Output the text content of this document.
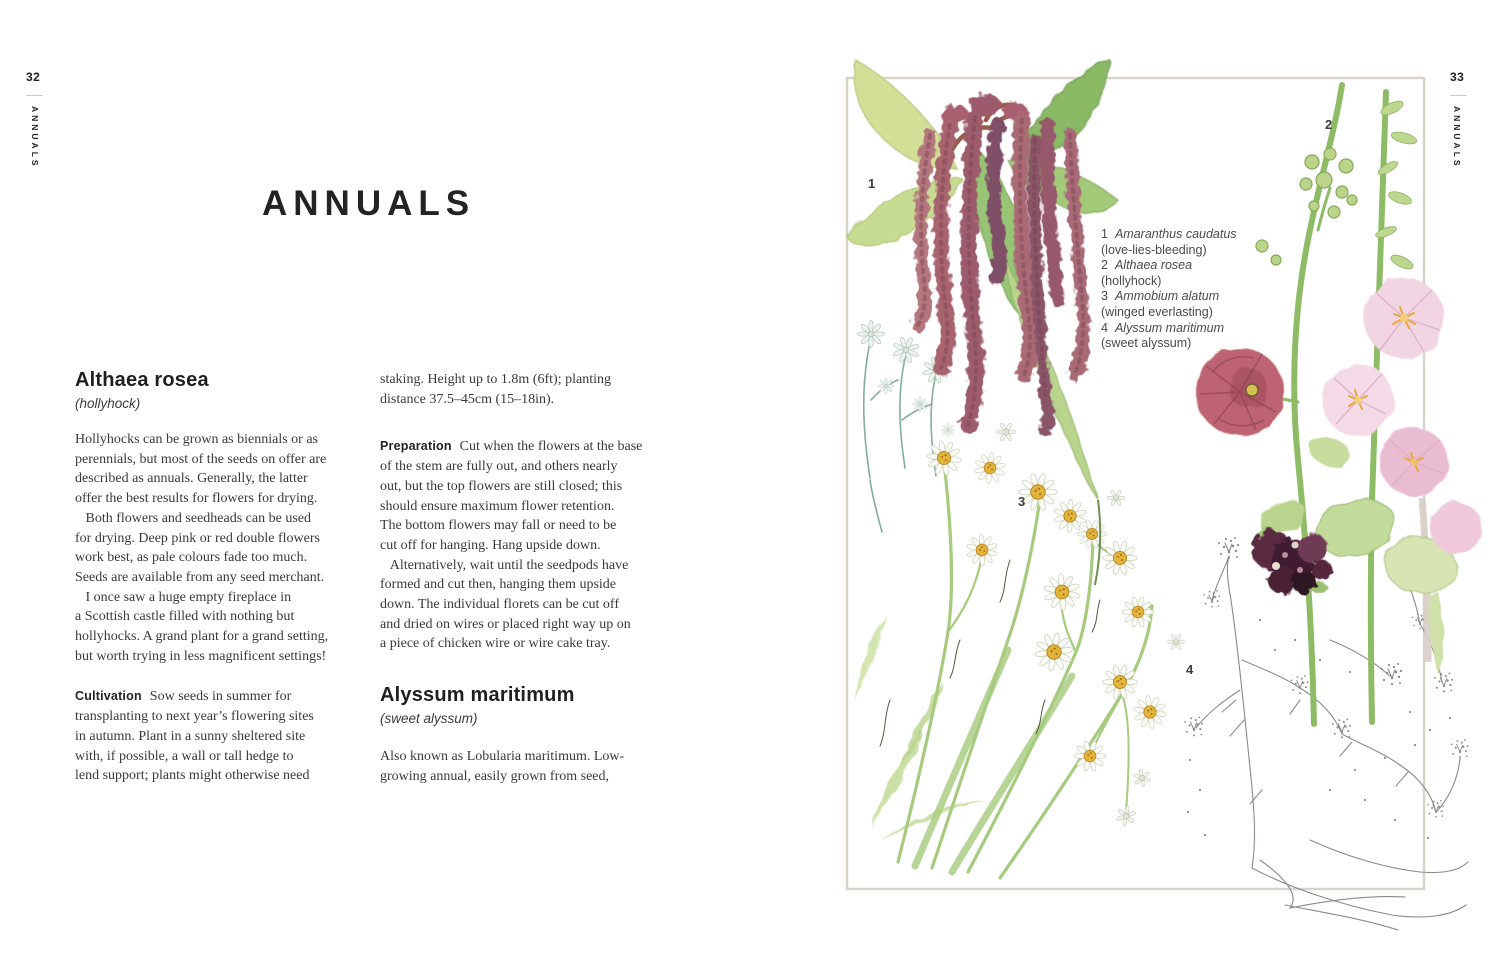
32
ANNUALS
ANNUALS
Althaea rosea
(hollyhock)
Hollyhocks can be grown as biennials or as
perennials, but most of the seeds on offer are
described as annuals. Generally, the latter
offer the best results for flowers for drying.
Both flowers and seedheads can be used
for drying. Deep pink or red double flowers
work best, as pale colours fade too much.
Seeds are available from any seed merchant.
I once saw a huge empty fireplace in
a Scottish castle filled with nothing but
hollyhocks. A grand plant for a grand setting,
but worth trying in less magnificent settings!
Cultivation Sow seeds in summer for
transplanting to next year’s flowering sites
in autumn. Plant in a sunny sheltered site
with, if possible, a wall or tall hedge to
lend support; plants might otherwise need
staking. Height up to 1.8m (6ft); planting
distance 37.5–45cm (15–18in).
Preparation Cut when the flowers at the base
of the stem are fully out, and others nearly
out, but the top flowers are still closed; this
should ensure maximum flower retention.
The bottom flowers may fall or need to be
cut off for hanging. Hang upside down.
Alternatively, wait until the seedpods have
formed and cut then, hanging them upside
down. The individual florets can be cut off
and dried on wires or placed right way up on
a piece of chicken wire or wire cake tray.
Alyssum maritimum
(sweet alyssum)
Also known as Lobularia maritimum. Low-
growing annual, easily grown from seed,
33
ANNUALS
1
2
3
4
1 Amaranthus caudatus
(love-lies-bleeding)
2 Althaea rosea
(hollyhock)
3 Ammobium alatum
(winged everlasting)
4 Alyssum maritimum
(sweet alyssum)
